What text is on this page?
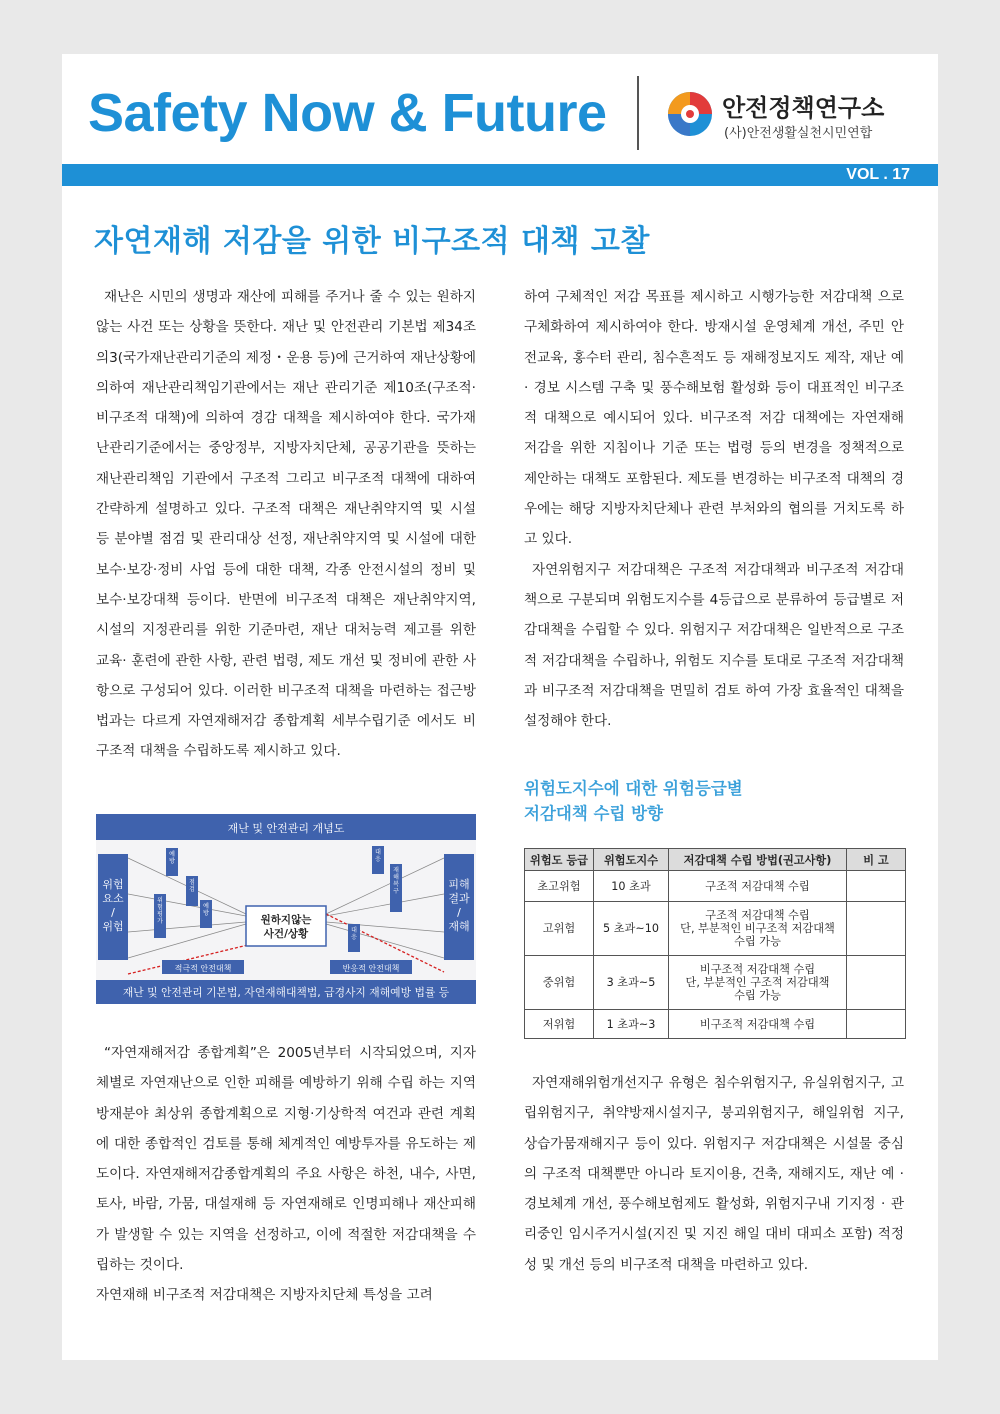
Safety Now & Future	안전정책연구소
(사)안전생활실천시민연합
VOL . 17
자연재해 저감을 위한 비구조적 대책 고찰

재난은 시민의 생명과 재산에 피해를 주거나 줄 수 있는 원하지 않는 사건 또는 상황을 뜻한다. 재난 및 안전관리 기본법 제34조의3(국가재난관리기준의 제정・운용 등)에 근거하여 재난상황에 의하여 재난관리책임기관에서는 재난 관리기준 제10조(구조적·비구조적 대책)에 의하여 경감 대책을 제시하여야 한다. 국가재난관리기준에서는 중앙정부, 지방자치단체, 공공기관을 뜻하는 재난관리책임 기관에서 구조적 그리고 비구조적 대책에 대하여 간략하게 설명하고 있다. 구조적 대책은 재난취약지역 및 시설 등 분야별 점검 및 관리대상 선정, 재난취약지역 및 시설에 대한 보수·보강·정비 사업 등에 대한 대책, 각종 안전시설의 정비 및 보수·보강대책 등이다. 반면에 비구조적 대책은 재난취약지역, 시설의 지정관리를 위한 기준마련, 재난 대처능력 제고를 위한 교육· 훈련에 관한 사항, 관련 법령, 제도 개선 및 정비에 관한 사항으로 구성되어 있다. 이러한 비구조적 대책을 마련하는 접근방법과는 다르게 자연재해저감 종합계획 세부수립기준 에서도 비구조적 대책을 수립하도록 제시하고 있다.

재난 및 안전관리 개념도
위험 요소 / 위험
피해 결과 / 재해
원하지않는 사건/상황
적극적 안전대책	반응적 안전대책
재난 및 안전관리 기본법, 자연재해대책법, 급경사지 재해예방 법률 등
예 방
위 험 평 가
점 검
예 방
대 응
재 해 복 구
대 응

“자연재해저감 종합계획”은 2005년부터 시작되었으며, 지자체별로 자연재난으로 인한 피해를 예방하기 위해 수립 하는 지역 방재분야 최상위 종합계획으로 지형·기상학적 여건과 관련 계획에 대한 종합적인 검토를 통해 체계적인 예방투자를 유도하는 제도이다. 자연재해저감종합계획의 주요 사항은 하천, 내수, 사면, 토사, 바람, 가뭄, 대설재해 등 자연재해로 인명피해나 재산피해가 발생할 수 있는 지역을 선정하고, 이에 적절한 저감대책을 수립하는 것이다.

자연재해 비구조적 저감대책은 지방자치단체 특성을 고려

하여 구체적인 저감 목표를 제시하고 시행가능한 저감대책 으로 구체화하여 제시하여야 한다. 방재시설 운영체계 개선, 주민 안전교육, 홍수터 관리, 침수흔적도 등 재해정보지도 제작, 재난 예 · 경보 시스템 구축 및 풍수해보험 활성화 등이 대표적인 비구조적 대책으로 예시되어 있다. 비구조적 저감 대책에는 자연재해 저감을 위한 지침이나 기준 또는 법령 등의 변경을 정책적으로 제안하는 대책도 포함된다. 제도를 변경하는 비구조적 대책의 경우에는 해당 지방자치단체나 관련 부처와의 협의를 거치도록 하고 있다.

자연위험지구 저감대책은 구조적 저감대책과 비구조적 저감대책으로 구분되며 위험도지수를 4등급으로 분류하여 등급별로 저감대책을 수립할 수 있다. 위험지구 저감대책은 일반적으로 구조적 저감대책을 수립하나, 위험도 지수를 토대로 구조적 저감대책과 비구조적 저감대책을 면밀히 검토 하여 가장 효율적인 대책을 설정해야 한다.

위험도지수에 대한 위험등급별
저감대책 수립 방향
위험도 등급	위험도지수	저감대책 수립 방법(권고사항)	비 고
초고위험	10 초과	구조적 저감대책 수립	
고위험	5 초과~10	구조적 저감대책 수립
단, 부분적인 비구조적 저감대책
수립 가능	
중위험	3 초과~5	비구조적 저감대책 수립
단, 부분적인 구조적 저감대책
수립 가능	
저위험	1 초과~3	비구조적 저감대책 수립	

자연재해위험개선지구 유형은 침수위험지구, 유실위험지구, 고립위험지구, 취약방재시설지구, 붕괴위험지구, 해일위험 지구, 상습가뭄재해지구 등이 있다. 위험지구 저감대책은 시설물 중심의 구조적 대책뿐만 아니라 토지이용, 건축, 재해지도, 재난 예 · 경보체계 개선, 풍수해보험제도 활성화, 위험지구내 기지정 · 관리중인 임시주거시설(지진 및 지진 해일 대비 대피소 포함) 적정성 및 개선 등의 비구조적 대책을 마련하고 있다.
